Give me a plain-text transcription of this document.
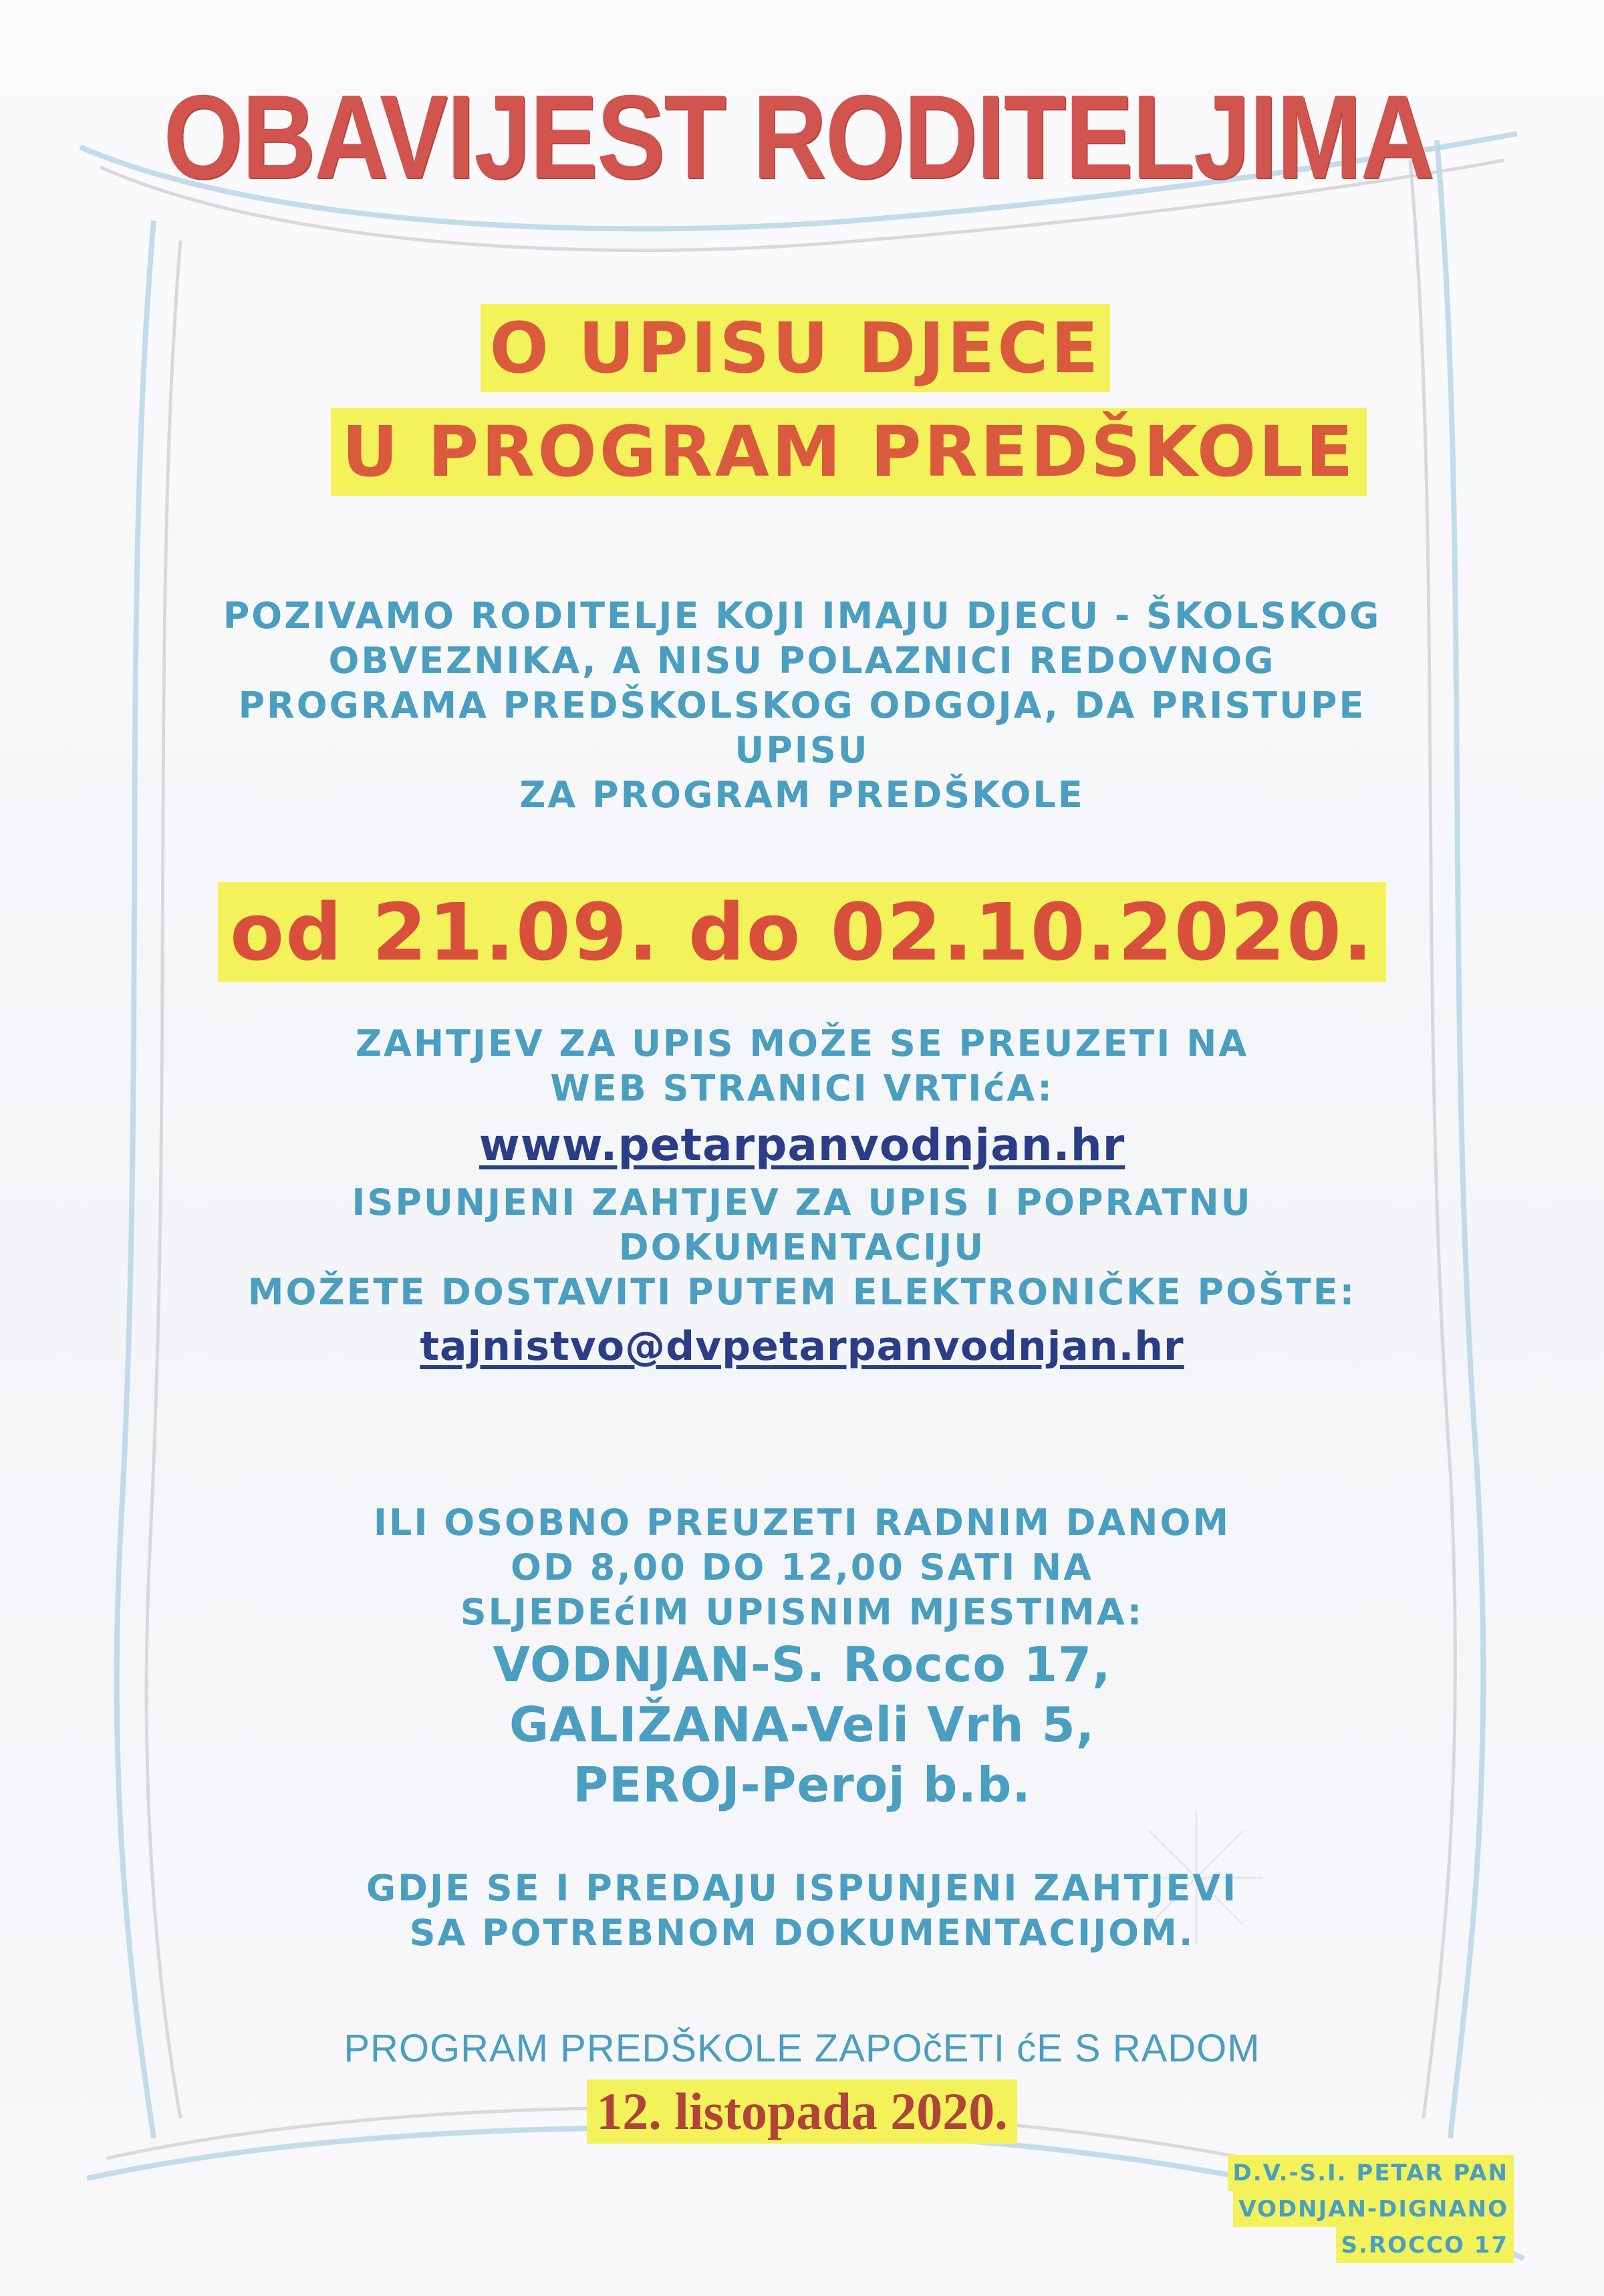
OBAVIJEST RODITELJIMA
O UPISU DJECE
U PROGRAM PREDŠKOLE
POZIVAMO RODITELJE KOJI IMAJU DJECU - ŠKOLSKOG
OBVEZNIKA, A NISU POLAZNICI REDOVNOG
PROGRAMA PREDŠKOLSKOG ODGOJA, DA PRISTUPE
UPISU
ZA PROGRAM PREDŠKOLE
od 21.09. do 02.10.2020.
ZAHTJEV ZA UPIS MOŽE SE PREUZETI NA
WEB STRANICI VRTIćA:
www.petarpanvodnjan.hr
ISPUNJENI ZAHTJEV ZA UPIS I POPRATNU
DOKUMENTACIJU
MOŽETE DOSTAVITI PUTEM ELEKTRONIČKE POŠTE:
tajnistvo@dvpetarpanvodnjan.hr
ILI OSOBNO PREUZETI RADNIM DANOM
OD 8,00 DO 12,00 SATI NA
SLJEDEćIM UPISNIM MJESTIMA:
VODNJAN-S. Rocco 17,
GALIŽANA-Veli Vrh 5,
PEROJ-Peroj b.b.
GDJE SE I PREDAJU ISPUNJENI ZAHTJEVI
SA POTREBNOM DOKUMENTACIJOM.
PROGRAM PREDŠKOLE ZAPOčETI ćE S RADOM
12. listopada 2020.
D.V.-S.I. PETAR PAN
VODNJAN-DIGNANO
S.ROCCO 17
